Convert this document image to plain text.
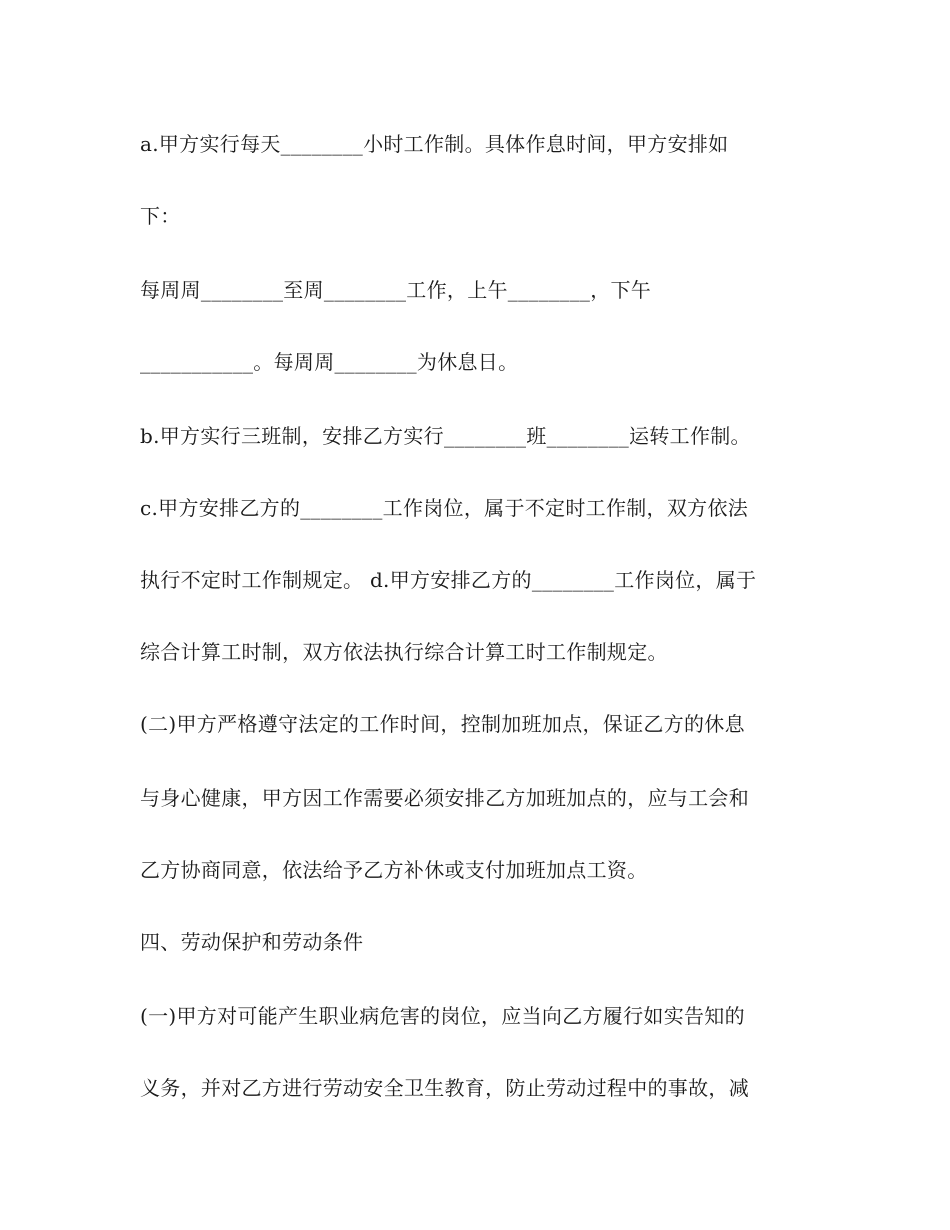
a.甲方实行每天________小时工作制。具体作息时间，甲方安排如
下：
每周周________至周________工作，上午________，下午
___________。每周周________为休息日。
b.甲方实行三班制，安排乙方实行________班________运转工作制。
c.甲方安排乙方的________工作岗位，属于不定时工作制，双方依法
执行不定时工作制规定。 d.甲方安排乙方的________工作岗位，属于
综合计算工时制，双方依法执行综合计算工时工作制规定。
(二)甲方严格遵守法定的工作时间，控制加班加点，保证乙方的休息
与身心健康，甲方因工作需要必须安排乙方加班加点的，应与工会和
乙方协商同意，依法给予乙方补休或支付加班加点工资。
四、劳动保护和劳动条件
(一)甲方对可能产生职业病危害的岗位，应当向乙方履行如实告知的
义务，并对乙方进行劳动安全卫生教育，防止劳动过程中的事故，减
